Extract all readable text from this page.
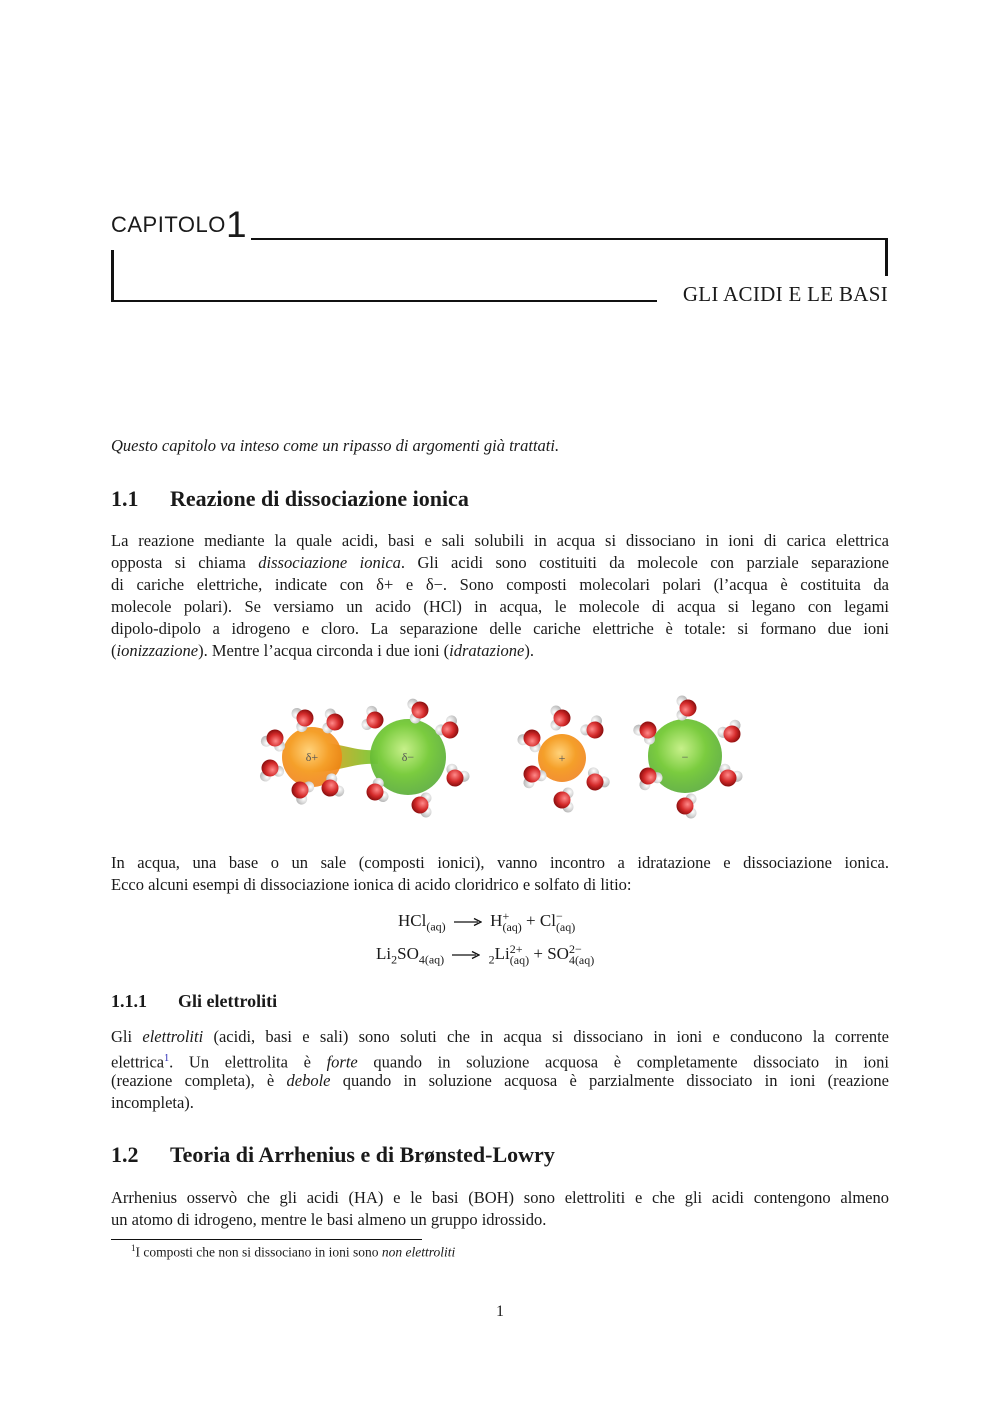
CAPITOLO 1
GLI ACIDI E LE BASI
Questo capitolo va inteso come un ripasso di argomenti già trattati.
1.1 Reazione di dissociazione ionica
La reazione mediante la quale acidi, basi e sali solubili in acqua si dissociano in ioni di carica elettrica
opposta si chiama dissociazione ionica. Gli acidi sono costituiti da molecole con parziale separazione
di cariche elettriche, indicate con δ+ e δ−. Sono composti molecolari polari (l’acqua è costituita da
molecole polari). Se versiamo un acido (HCl) in acqua, le molecole di acqua si legano con legami
dipolo-dipolo a idrogeno e cloro. La separazione delle cariche elettriche è totale: si formano due ioni
(ionizzazione). Mentre l’acqua circonda i due ioni (idratazione).
δ+	δ−	+	−
In acqua, una base o un sale (composti ionici), vanno incontro a idratazione e dissociazione ionica.
Ecco alcuni esempi di dissociazione ionica di acido cloridrico e solfato di litio:
HCl$_{(aq)}$ → H +
(aq) + Cl −
(aq)
$Li_2SO_{4(aq)} \to _2Li$ 2+
(aq) + SO 2−
4(aq)
1.1.1 Gli elettroliti
Gli elettroliti (acidi, basi e sali) sono soluti che in acqua si dissociano in ioni e conducono la corrente
elettrica$^1$. Un elettrolita è forte quando in soluzione acquosa è completamente dissociato in ioni
(reazione completa), è debole quando in soluzione acquosa è parzialmente dissociato in ioni (reazione
incompleta).
1.2 Teoria di Arrhenius e di Brønsted-Lowry
Arrhenius osservò che gli acidi (HA) e le basi (BOH) sono elettroliti e che gli acidi contengono almeno
un atomo di idrogeno, mentre le basi almeno un gruppo idrossido.
$^1$I composti che non si dissociano in ioni sono non elettroliti
1
